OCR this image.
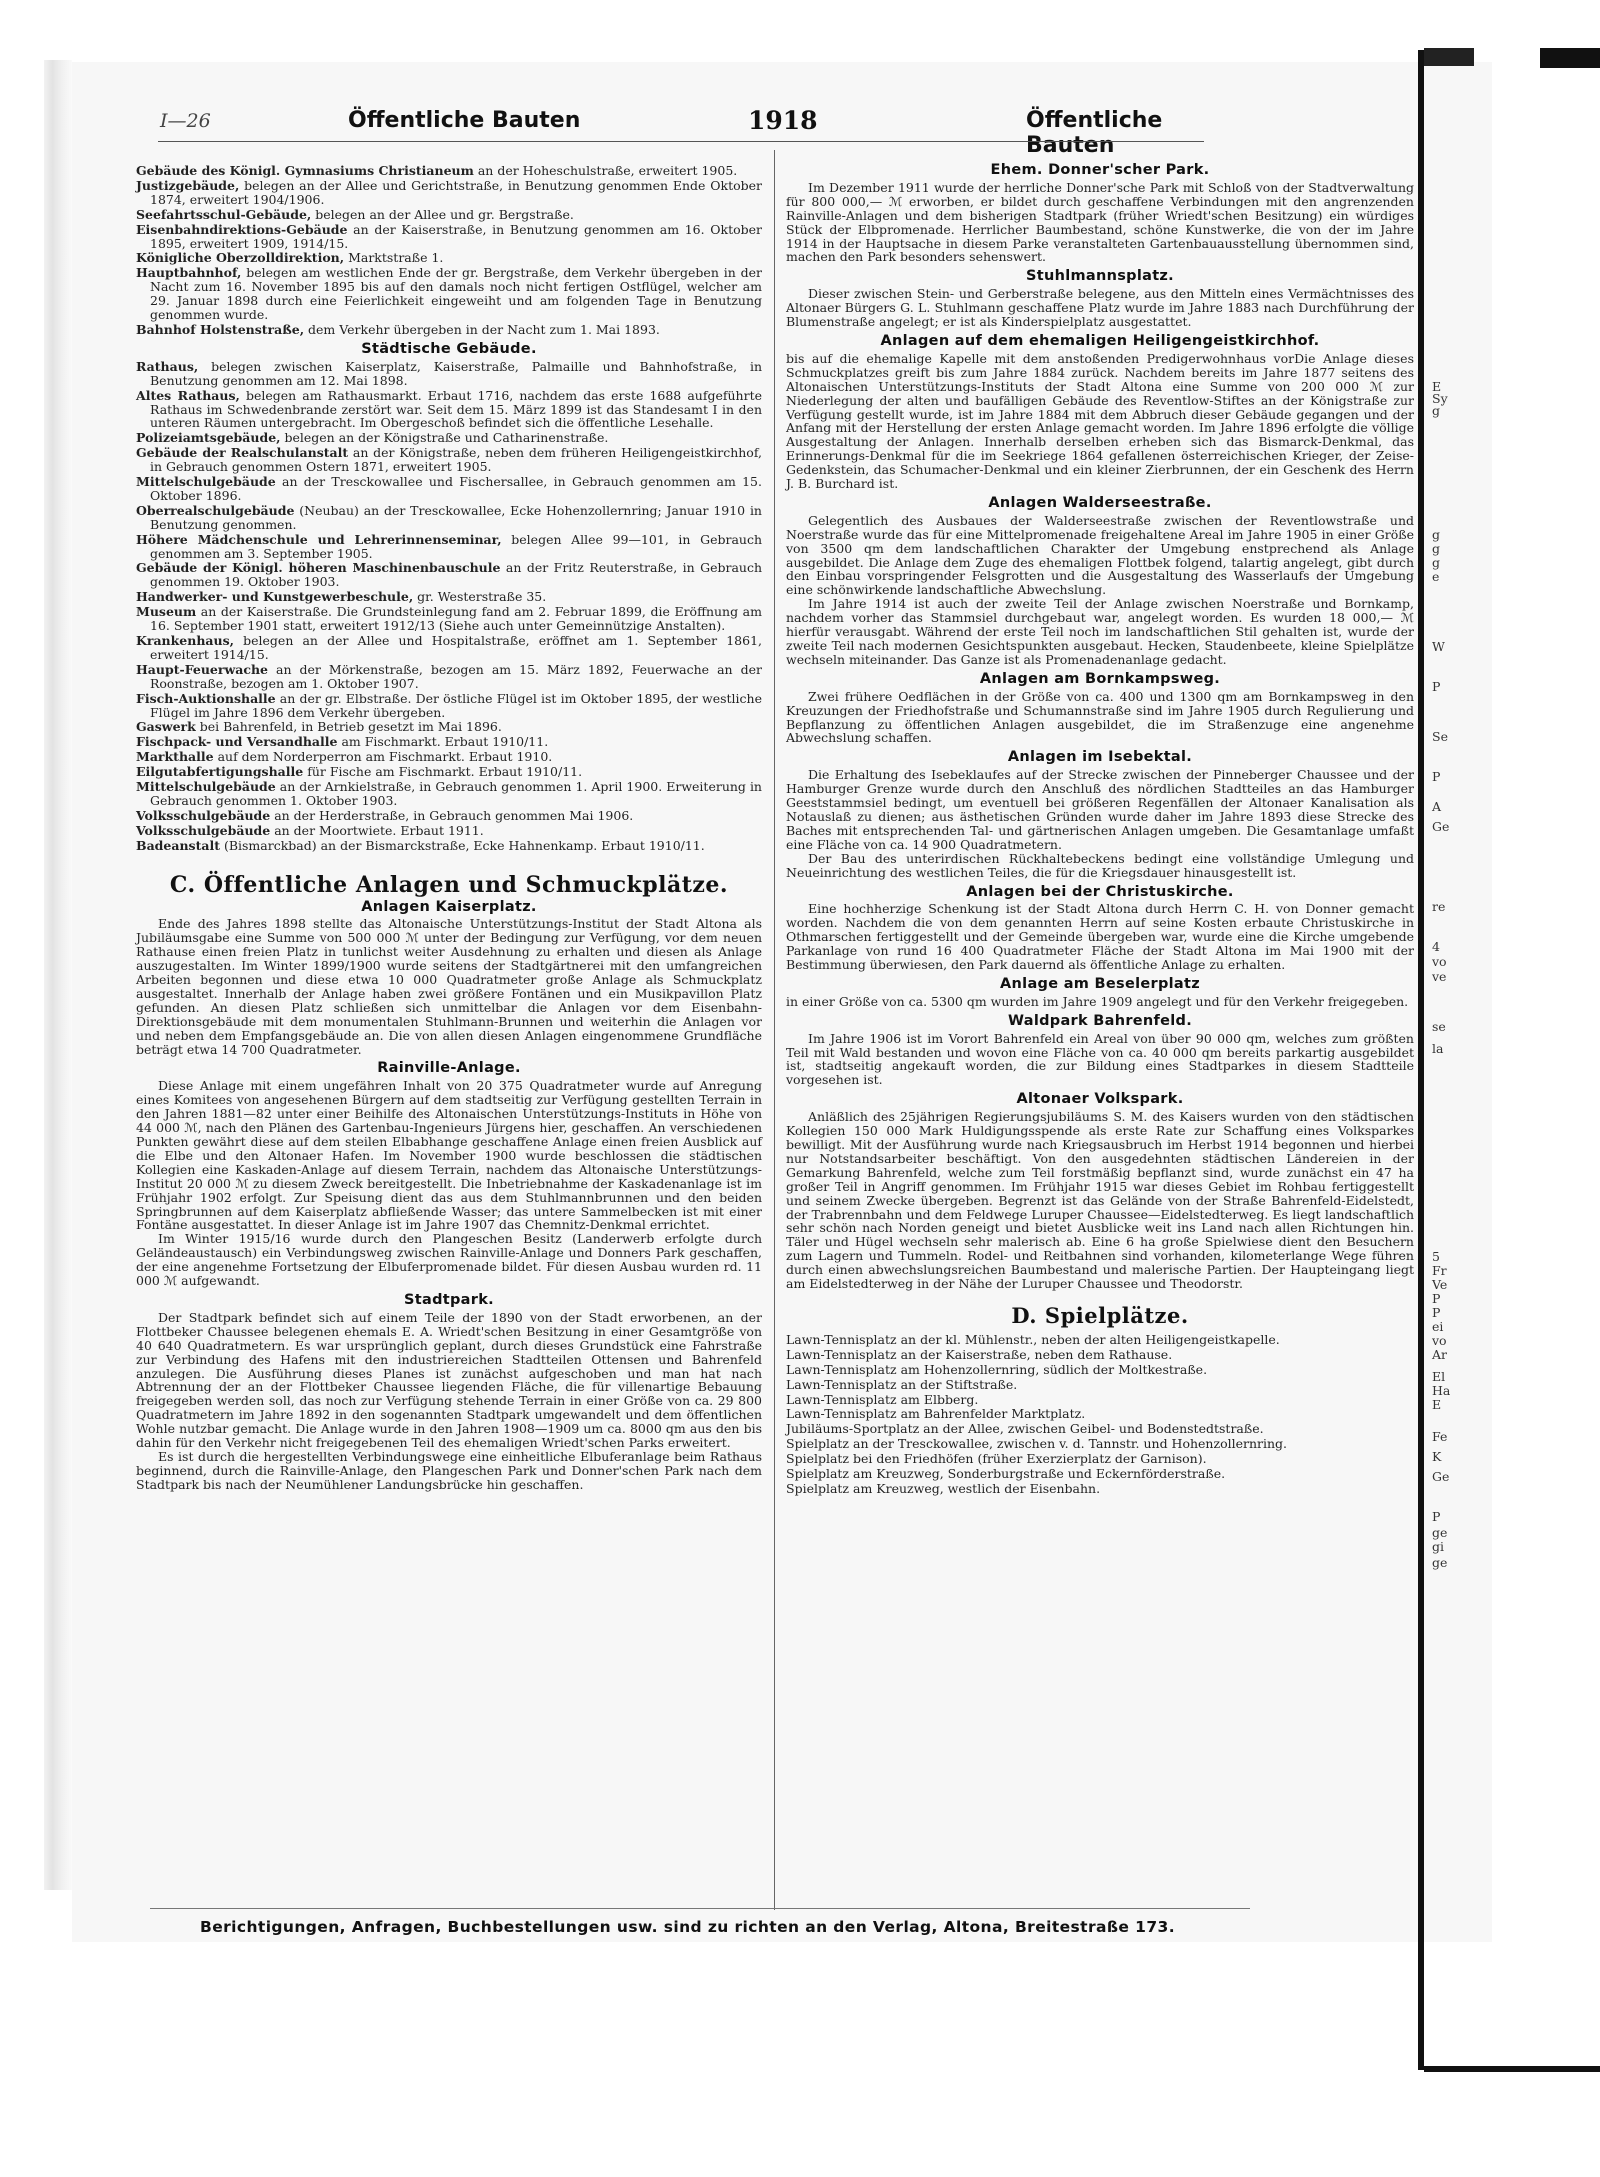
I—26	Öffentliche Bauten	1918	Öffentliche Bauten
Gebäude des Königl. Gymnasiums Christianeum an der Hoheschulstraße, erweitert 1905.
Justizgebäude, belegen an der Allee und Gerichtstraße, in Benutzung genommen Ende Oktober 1874, erweitert 1904/1906.
Seefahrtsschul-Gebäude, belegen an der Allee und gr. Bergstraße.
Eisenbahndirektions-Gebäude an der Kaiserstraße, in Benutzung genommen am 16. Oktober 1895, erweitert 1909, 1914/15.
Königliche Oberzolldirektion, Marktstraße 1.
Hauptbahnhof, belegen am westlichen Ende der gr. Bergstraße, dem Verkehr übergeben in der Nacht zum 16. November 1895 bis auf den damals noch nicht fertigen Ostflügel, welcher am 29. Januar 1898 durch eine Feierlichkeit eingeweiht und am folgenden Tage in Benutzung genommen wurde.
Bahnhof Holstenstraße, dem Verkehr übergeben in der Nacht zum 1. Mai 1893.
Städtische Gebäude.
Rathaus, belegen zwischen Kaiserplatz, Kaiserstraße, Palmaille und Bahnhofstraße, in Benutzung genommen am 12. Mai 1898.
Altes Rathaus, belegen am Rathausmarkt. Erbaut 1716, nachdem das erste 1688 aufgeführte Rathaus im Schwedenbrande zerstört war. Seit dem 15. März 1899 ist das Standesamt I in den unteren Räumen untergebracht. Im Obergeschoß befindet sich die öffentliche Lesehalle.
Polizeiamtsgebäude, belegen an der Königstraße und Catharinenstraße.
Gebäude der Realschulanstalt an der Königstraße, neben dem früheren Heiligengeistkirchhof, in Gebrauch genommen Ostern 1871, erweitert 1905.
Mittelschulgebäude an der Tresckowallee und Fischersallee, in Gebrauch genommen am 15. Oktober 1896.
Oberrealschulgebäude (Neubau) an der Tresckowallee, Ecke Hohenzollernring; Januar 1910 in Benutzung genommen.
Höhere Mädchenschule und Lehrerinnenseminar, belegen Allee 99—101, in Gebrauch genommen am 3. September 1905.
Gebäude der Königl. höheren Maschinenbauschule an der Fritz Reuterstraße, in Gebrauch genommen 19. Oktober 1903.
Handwerker- und Kunstgewerbeschule, gr. Westerstraße 35.
Museum an der Kaiserstraße. Die Grundsteinlegung fand am 2. Februar 1899, die Eröffnung am 16. September 1901 statt, erweitert 1912/13 (Siehe auch unter Gemeinnützige Anstalten).
Krankenhaus, belegen an der Allee und Hospitalstraße, eröffnet am 1. September 1861, erweitert 1914/15.
Haupt-Feuerwache an der Mörkenstraße, bezogen am 15. März 1892, Feuerwache an der Roonstraße, bezogen am 1. Oktober 1907.
Fisch-Auktionshalle an der gr. Elbstraße. Der östliche Flügel ist im Oktober 1895, der westliche Flügel im Jahre 1896 dem Verkehr übergeben.
Gaswerk bei Bahrenfeld, in Betrieb gesetzt im Mai 1896.
Fischpack- und Versandhalle am Fischmarkt. Erbaut 1910/11.
Markthalle auf dem Norderperron am Fischmarkt. Erbaut 1910.
Eilgutabfertigungshalle für Fische am Fischmarkt. Erbaut 1910/11.
Mittelschulgebäude an der Arnkielstraße, in Gebrauch genommen 1. April 1900. Erweiterung in Gebrauch genommen 1. Oktober 1903.
Volksschulgebäude an der Herderstraße, in Gebrauch genommen Mai 1906.
Volksschulgebäude an der Moortwiete. Erbaut 1911.
Badeanstalt (Bismarckbad) an der Bismarckstraße, Ecke Hahnenkamp. Erbaut 1910/11.
C. Öffentliche Anlagen und Schmuckplätze.
Anlagen Kaiserplatz.

Ende des Jahres 1898 stellte das Altonaische Unterstützungs-Institut der Stadt Altona als Jubiläumsgabe eine Summe von 500 000 ℳ unter der Bedingung zur Verfügung, vor dem neuen Rathause einen freien Platz in tunlichst weiter Ausdehnung zu erhalten und diesen als Anlage auszugestalten. Im Winter 1899/1900 wurde seitens der Stadtgärtnerei mit den umfangreichen Arbeiten begonnen und diese etwa 10 000 Quadratmeter große Anlage als Schmuckplatz ausgestaltet. Innerhalb der Anlage haben zwei größere Fontänen und ein Musikpavillon Platz gefunden. An diesen Platz schließen sich unmittelbar die Anlagen vor dem Eisenbahn-Direktionsgebäude mit dem monumentalen Stuhlmann-Brunnen und weiterhin die Anlagen vor und neben dem Empfangsgebäude an. Die von allen diesen Anlagen eingenommene Grundfläche beträgt etwa 14 700 Quadratmeter.

Rainville-Anlage.

Diese Anlage mit einem ungefähren Inhalt von 20 375 Quadratmeter wurde auf Anregung eines Komitees von angesehenen Bürgern auf dem stadtseitig zur Verfügung gestellten Terrain in den Jahren 1881—82 unter einer Beihilfe des Altonaischen Unterstützungs-Instituts in Höhe von 44 000 ℳ, nach den Plänen des Gartenbau-Ingenieurs Jürgens hier, geschaffen. An verschiedenen Punkten gewährt diese auf dem steilen Elbabhange geschaffene Anlage einen freien Ausblick auf die Elbe und den Altonaer Hafen. Im November 1900 wurde beschlossen die städtischen Kollegien eine Kaskaden-Anlage auf diesem Terrain, nachdem das Altonaische Unterstützungs-Institut 20 000 ℳ zu diesem Zweck bereitgestellt. Die Inbetriebnahme der Kaskadenanlage ist im Frühjahr 1902 erfolgt. Zur Speisung dient das aus dem Stuhlmannbrunnen und den beiden Springbrunnen auf dem Kaiserplatz abfließende Wasser; das untere Sammelbecken ist mit einer Fontäne ausgestattet. In dieser Anlage ist im Jahre 1907 das Chemnitz-Denkmal errichtet.

Im Winter 1915/16 wurde durch den Plangeschen Besitz (Landerwerb erfolgte durch Geländeaustausch) ein Verbindungsweg zwischen Rainville-Anlage und Donners Park geschaffen, der eine angenehme Fortsetzung der Elbuferpromenade bildet. Für diesen Ausbau wurden rd. 11 000 ℳ aufgewandt.

Stadtpark.

Der Stadtpark befindet sich auf einem Teile der 1890 von der Stadt erworbenen, an der Flottbeker Chaussee belegenen ehemals E. A. Wriedt'schen Besitzung in einer Gesamtgröße von 40 640 Quadratmetern. Es war ursprünglich geplant, durch dieses Grundstück eine Fahrstraße zur Verbindung des Hafens mit den industriereichen Stadtteilen Ottensen und Bahrenfeld anzulegen. Die Ausführung dieses Planes ist zunächst aufgeschoben und man hat nach Abtrennung der an der Flottbeker Chaussee liegenden Fläche, die für villenartige Bebauung freigegeben werden soll, das noch zur Verfügung stehende Terrain in einer Größe von ca. 29 800 Quadratmetern im Jahre 1892 in den sogenannten Stadtpark umgewandelt und dem öffentlichen Wohle nutzbar gemacht. Die Anlage wurde in den Jahren 1908—1909 um ca. 8000 qm aus den bis dahin für den Verkehr nicht freigegebenen Teil des ehemaligen Wriedt'schen Parks erweitert.

Es ist durch die hergestellten Verbindungswege eine einheitliche Elbuferanlage beim Rathaus beginnend, durch die Rainville-Anlage, den Plangeschen Park und Donner'schen Park nach dem Stadtpark bis nach der Neumühlener Landungsbrücke hin geschaffen.

Ehem. Donner'scher Park.

Im Dezember 1911 wurde der herrliche Donner'sche Park mit Schloß von der Stadtverwaltung für 800 000,— ℳ erworben, er bildet durch geschaffene Verbindungen mit den angrenzenden Rainville-Anlagen und dem bisherigen Stadtpark (früher Wriedt'schen Besitzung) ein würdiges Stück der Elbpromenade. Herrlicher Baumbestand, schöne Kunstwerke, die von der im Jahre 1914 in der Hauptsache in diesem Parke veranstalteten Gartenbauausstellung übernommen sind, machen den Park besonders sehenswert.

Stuhlmannsplatz.

Dieser zwischen Stein- und Gerberstraße belegene, aus den Mitteln eines Vermächtnisses des Altonaer Bürgers G. L. Stuhlmann geschaffene Platz wurde im Jahre 1883 nach Durchführung der Blumenstraße angelegt; er ist als Kinderspielplatz ausgestattet.

Anlagen auf dem ehemaligen Heiligengeistkirchhof.

bis auf die ehemalige Kapelle mit dem anstoßenden Predigerwohnhaus vorDie Anlage dieses Schmuckplatzes greift bis zum Jahre 1884 zurück. Nachdem bereits im Jahre 1877 seitens des Altonaischen Unterstützungs-Instituts der Stadt Altona eine Summe von 200 000 ℳ zur Niederlegung der alten und baufälligen Gebäude des Reventlow-Stiftes an der Königstraße zur Verfügung gestellt wurde, ist im Jahre 1884 mit dem Abbruch dieser Gebäude gegangen und der Anfang mit der Herstellung der ersten Anlage gemacht worden. Im Jahre 1896 erfolgte die völlige Ausgestaltung der Anlagen. Innerhalb derselben erheben sich das Bismarck-Denkmal, das Erinnerungs-Denkmal für die im Seekriege 1864 gefallenen österreichischen Krieger, der Zeise-Gedenkstein, das Schumacher-Denkmal und ein kleiner Zierbrunnen, der ein Geschenk des Herrn J. B. Burchard ist.

Anlagen Walderseestraße.

Gelegentlich des Ausbaues der Walderseestraße zwischen der Reventlowstraße und Noerstraße wurde das für eine Mittelpromenade freigehaltene Areal im Jahre 1905 in einer Größe von 3500 qm dem landschaftlichen Charakter der Umgebung enstprechend als Anlage ausgebildet. Die Anlage dem Zuge des ehemaligen Flottbek folgend, talartig angelegt, gibt durch den Einbau vorspringender Felsgrotten und die Ausgestaltung des Wasserlaufs der Umgebung eine schönwirkende landschaftliche Abwechslung.

Im Jahre 1914 ist auch der zweite Teil der Anlage zwischen Noerstraße und Bornkamp, nachdem vorher das Stammsiel durchgebaut war, angelegt worden. Es wurden 18 000,— ℳ hierfür verausgabt. Während der erste Teil noch im landschaftlichen Stil gehalten ist, wurde der zweite Teil nach modernen Gesichtspunkten ausgebaut. Hecken, Staudenbeete, kleine Spielplätze wechseln miteinander. Das Ganze ist als Promenadenanlage gedacht.

Anlagen am Bornkampsweg.

Zwei frühere Oedflächen in der Größe von ca. 400 und 1300 qm am Bornkampsweg in den Kreuzungen der Friedhofstraße und Schumannstraße sind im Jahre 1905 durch Regulierung und Bepflanzung zu öffentlichen Anlagen ausgebildet, die im Straßenzuge eine angenehme Abwechslung schaffen.

Anlagen im Isebektal.

Die Erhaltung des Isebeklaufes auf der Strecke zwischen der Pinneberger Chaussee und der Hamburger Grenze wurde durch den Anschluß des nördlichen Stadtteiles an das Hamburger Geeststammsiel bedingt, um eventuell bei größeren Regenfällen der Altonaer Kanalisation als Notauslaß zu dienen; aus ästhetischen Gründen wurde daher im Jahre 1893 diese Strecke des Baches mit entsprechenden Tal- und gärtnerischen Anlagen umgeben. Die Gesamtanlage umfaßt eine Fläche von ca. 14 900 Quadratmetern.

Der Bau des unterirdischen Rückhaltebeckens bedingt eine vollständige Umlegung und Neueinrichtung des westlichen Teiles, die für die Kriegsdauer hinausgestellt ist.

Anlagen bei der Christuskirche.

Eine hochherzige Schenkung ist der Stadt Altona durch Herrn C. H. von Donner gemacht worden. Nachdem die von dem genannten Herrn auf seine Kosten erbaute Christuskirche in Othmarschen fertiggestellt und der Gemeinde übergeben war, wurde eine die Kirche umgebende Parkanlage von rund 16 400 Quadratmeter Fläche der Stadt Altona im Mai 1900 mit der Bestimmung überwiesen, den Park dauernd als öffentliche Anlage zu erhalten.

Anlage am Beselerplatz

in einer Größe von ca. 5300 qm wurden im Jahre 1909 angelegt und für den Verkehr freigegeben.

Waldpark Bahrenfeld.

Im Jahre 1906 ist im Vorort Bahrenfeld ein Areal von über 90 000 qm, welches zum größten Teil mit Wald bestanden und wovon eine Fläche von ca. 40 000 qm bereits parkartig ausgebildet ist, stadtseitig angekauft worden, die zur Bildung eines Stadtparkes in diesem Stadtteile vorgesehen ist.

Altonaer Volkspark.

Anläßlich des 25jährigen Regierungsjubiläums S. M. des Kaisers wurden von den städtischen Kollegien 150 000 Mark Huldigungsspende als erste Rate zur Schaffung eines Volksparkes bewilligt. Mit der Ausführung wurde nach Kriegsausbruch im Herbst 1914 begonnen und hierbei nur Notstandsarbeiter beschäftigt. Von den ausgedehnten städtischen Ländereien in der Gemarkung Bahrenfeld, welche zum Teil forstmäßig bepflanzt sind, wurde zunächst ein 47 ha großer Teil in Angriff genommen. Im Frühjahr 1915 war dieses Gebiet im Rohbau fertiggestellt und seinem Zwecke übergeben. Begrenzt ist das Gelände von der Straße Bahrenfeld-Eidelstedt, der Trabrennbahn und dem Feldwege Luruper Chaussee—Eidelstedterweg. Es liegt landschaftlich sehr schön nach Norden geneigt und bietet Ausblicke weit ins Land nach allen Richtungen hin. Täler und Hügel wechseln sehr malerisch ab. Eine 6 ha große Spielwiese dient den Besuchern zum Lagern und Tummeln. Rodel- und Reitbahnen sind vorhanden, kilometerlange Wege führen durch einen abwechslungsreichen Baumbestand und malerische Partien. Der Haupteingang liegt am Eidelstedterweg in der Nähe der Luruper Chaussee und Theodorstr.

D. Spielplätze.
Lawn-Tennisplatz an der kl. Mühlenstr., neben der alten Heiligengeistkapelle.
Lawn-Tennisplatz an der Kaiserstraße, neben dem Rathause.
Lawn-Tennisplatz am Hohenzollernring, südlich der Moltkestraße.
Lawn-Tennisplatz an der Stiftstraße.
Lawn-Tennisplatz am Elbberg.
Lawn-Tennisplatz am Bahrenfelder Marktplatz.
Jubiläums-Sportplatz an der Allee, zwischen Geibel- und Bodenstedtstraße.
Spielplatz an der Tresckowallee, zwischen v. d. Tannstr. und Hohenzollernring.
Spielplatz bei den Friedhöfen (früher Exerzierplatz der Garnison).
Spielplatz am Kreuzweg, Sonderburgstraße und Eckernförderstraße.
Spielplatz am Kreuzweg, westlich der Eisenbahn.
Berichtigungen, Anfragen, Buchbestellungen usw. sind zu richten an den Verlag, Altona, Breitestraße 173.
E
Sy
g
g
g
g
e
W
P
Se
P
A
Ge
re
4
vo
ve
se
la
5
Fr
Ve
P
P
ei
vo
Ar
El
Ha
E
Fe
K
Ge
P
ge
gi
ge
